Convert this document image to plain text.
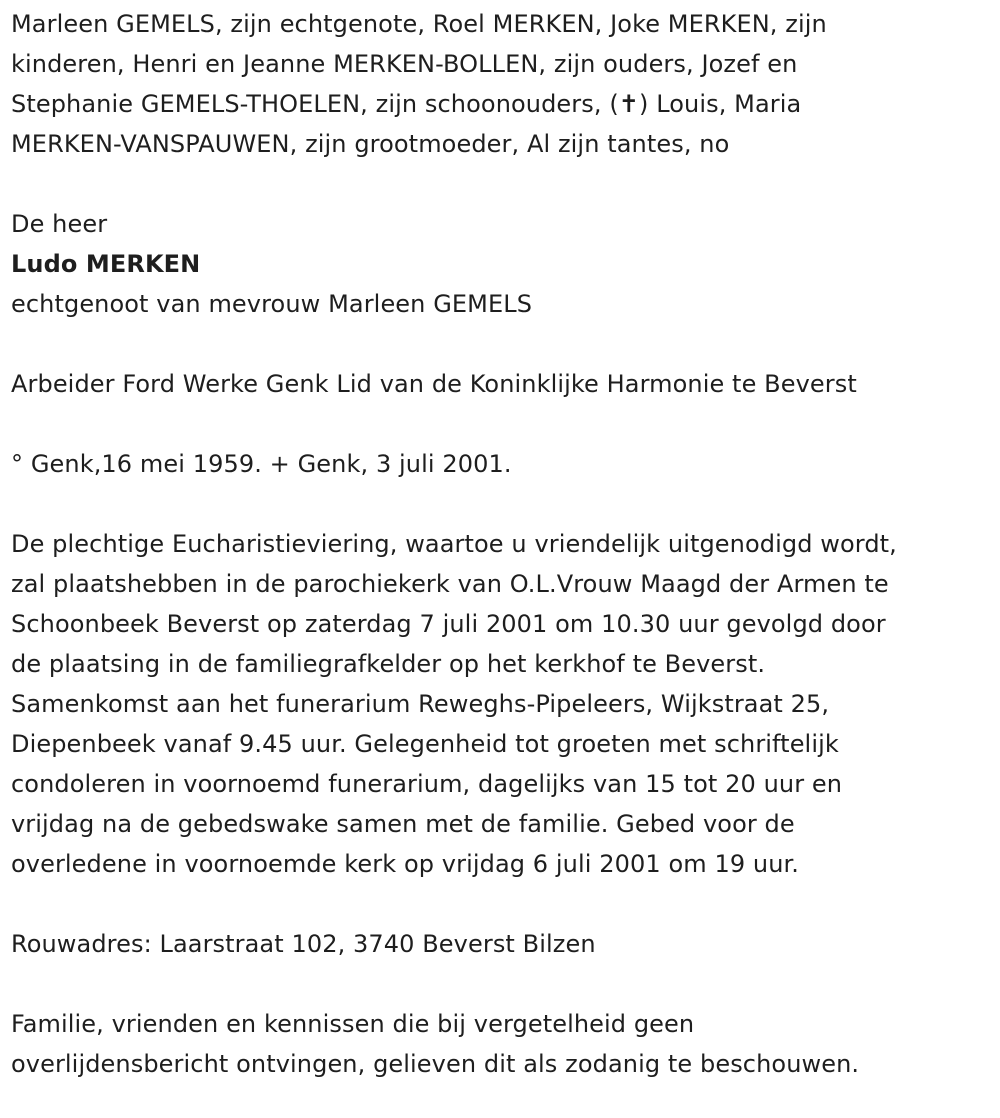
Marleen GEMELS, zijn echtgenote, Roel MERKEN, Joke MERKEN, zijn
kinderen, Henri en Jeanne MERKEN-BOLLEN, zijn ouders, Jozef en
Stephanie GEMELS-THOELEN, zijn schoonouders, (✝) Louis, Maria
MERKEN-VANSPAUWEN, zijn grootmoeder, Al zijn tantes, no
De heer
Ludo MERKEN
echtgenoot van mevrouw Marleen GEMELS
Arbeider Ford Werke Genk Lid van de Koninklijke Harmonie te Beverst
° Genk,16 mei 1959. + Genk, 3 juli 2001.
De plechtige Eucharistieviering, waartoe u vriendelijk uitgenodigd wordt,
zal plaatshebben in de parochiekerk van O.L.Vrouw Maagd der Armen te
Schoonbeek Beverst op zaterdag 7 juli 2001 om 10.30 uur gevolgd door
de plaatsing in de familiegrafkelder op het kerkhof te Beverst.
Samenkomst aan het funerarium Reweghs-Pipeleers, Wijkstraat 25,
Diepenbeek vanaf 9.45 uur. Gelegenheid tot groeten met schriftelijk
condoleren in voornoemd funerarium, dagelijks van 15 tot 20 uur en
vrijdag na de gebedswake samen met de familie. Gebed voor de
overledene in voornoemde kerk op vrijdag 6 juli 2001 om 19 uur.
Rouwadres: Laarstraat 102, 3740 Beverst Bilzen
Familie, vrienden en kennissen die bij vergetelheid geen
overlijdensbericht ontvingen, gelieven dit als zodanig te beschouwen.
